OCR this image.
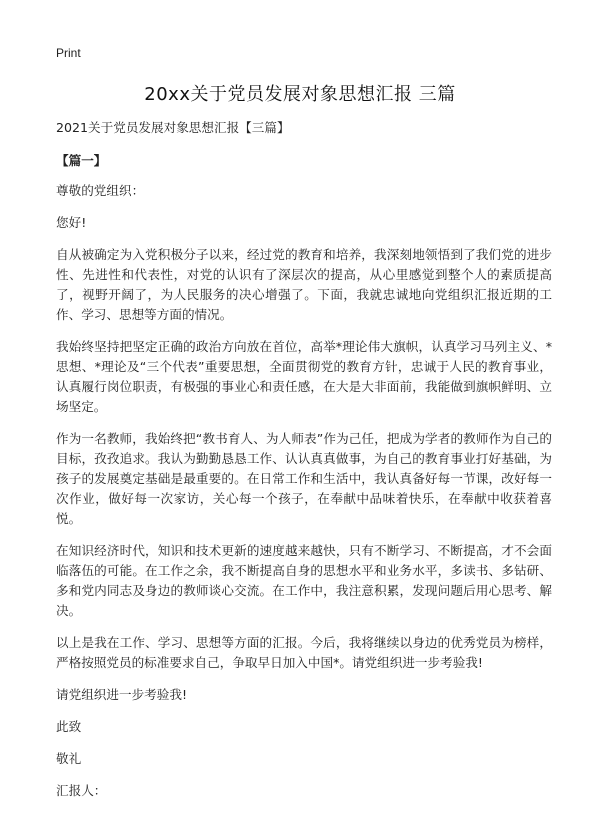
Print
20xx关于党员发展对象思想汇报 三篇

2021关于党员发展对象思想汇报【三篇】

【篇一】

尊敬的党组织：

您好!

自从被确定为入党积极分子以来，经过党的教育和培养，我深刻地领悟到了我们党的进步性、先进性和代表性，对党的认识有了深层次的提高，从心里感觉到整个人的素质提高了，视野开阔了，为人民服务的决心增强了。下面，我就忠诚地向党组织汇报近期的工作、学习、思想等方面的情况。

我始终坚持把坚定正确的政治方向放在首位，高举*理论伟大旗帜，认真学习马列主义、*思想、*理论及“三个代表”重要思想，全面贯彻党的教育方针，忠诚于人民的教育事业，认真履行岗位职责，有极强的事业心和责任感，在大是大非面前，我能做到旗帜鲜明、立场坚定。

作为一名教师，我始终把“教书育人、为人师表”作为己任，把成为学者的教师作为自己的目标，孜孜追求。我认为勤勤恳恳工作、认认真真做事，为自己的教育事业打好基础，为孩子的发展奠定基础是最重要的。在日常工作和生活中，我认真备好每一节课，改好每一次作业，做好每一次家访，关心每一个孩子，在奉献中品味着快乐，在奉献中收获着喜悦。

在知识经济时代，知识和技术更新的速度越来越快，只有不断学习、不断提高，才不会面临落伍的可能。在工作之余，我不断提高自身的思想水平和业务水平，多读书、多钻研、多和党内同志及身边的教师谈心交流。在工作中，我注意积累，发现问题后用心思考、解决。

以上是我在工作、学习、思想等方面的汇报。今后，我将继续以身边的优秀党员为榜样，严格按照党员的标准要求自己，争取早日加入中国*。请党组织进一步考验我!

请党组织进一步考验我!

此致

敬礼

汇报人：
